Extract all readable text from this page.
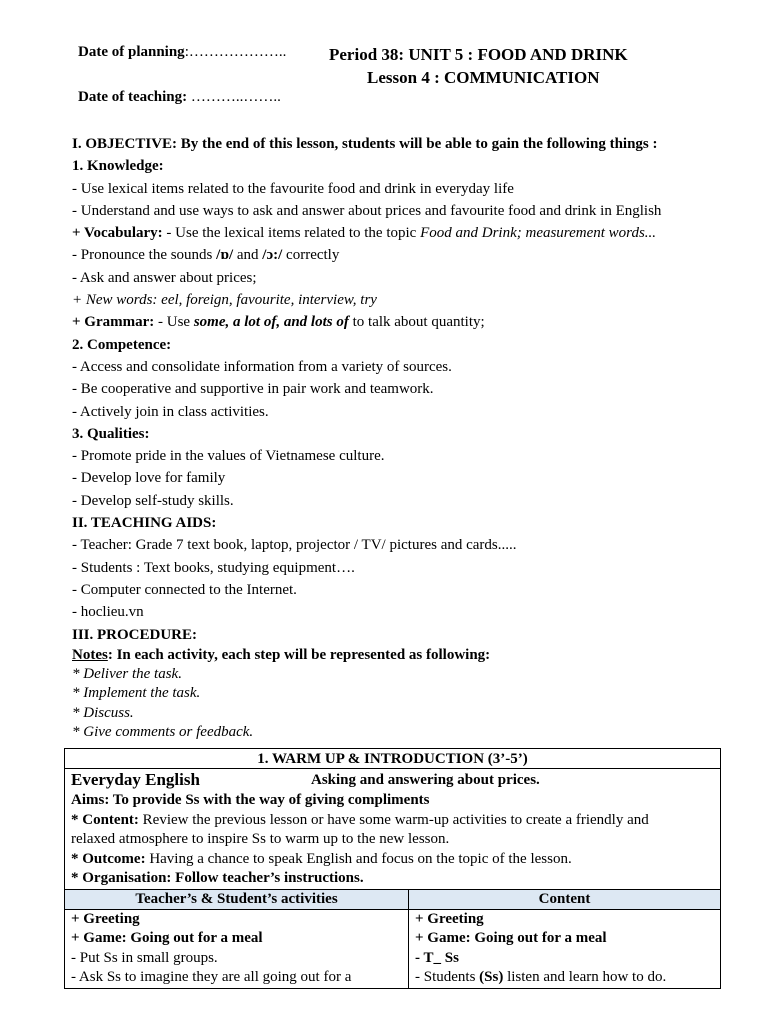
Date of planning:………………..
Date of teaching: ………..……..
Period 38: UNIT 5 : FOOD AND DRINK
Lesson 4 : COMMUNICATION
I. OBJECTIVE: By the end of this lesson, students will be able to gain the following things :
1. Knowledge:
- Use lexical items related to the favourite food and drink in everyday life
- Understand and use ways to ask and answer about prices and favourite food and drink in English
+ Vocabulary: - Use the lexical items related to the topic Food and Drink; measurement words...
- Pronounce the sounds /ɒ/ and /ɔ:/ correctly
- Ask and answer about prices;
+ New words: eel, foreign, favourite, interview, try
+ Grammar: - Use some, a lot of, and lots of to talk about quantity;
2. Competence:
- Access and consolidate information from a variety of sources.
- Be cooperative and supportive in pair work and teamwork.
- Actively join in class activities.
3. Qualities:
- Promote pride in the values of Vietnamese culture.
- Develop love for family
- Develop self-study skills.
II. TEACHING AIDS:
- Teacher: Grade 7 text book, laptop, projector / TV/ pictures and cards.....
- Students : Text books, studying equipment….
- Computer connected to the Internet.
- hoclieu.vn
III. PROCEDURE:
Notes: In each activity, each step will be represented as following:
* Deliver the task.
* Implement the task.
* Discuss.
* Give comments or feedback.
1. WARM UP & INTRODUCTION (3’-5’)
Everyday English	Asking and answering about prices.
Aims: To provide Ss with the way of giving compliments
* Content: Review the previous lesson or have some warm-up activities to create a friendly and
relaxed atmosphere to inspire Ss to warm up to the new lesson.
* Outcome: Having a chance to speak English and focus on the topic of the lesson.
* Organisation: Follow teacher’s instructions.
Teacher’s & Student’s activities
+ Greeting
+ Game: Going out for a meal
- Put Ss in small groups.
- Ask Ss to imagine they are all going out for a
Content
+ Greeting
+ Game: Going out for a meal
- T_ Ss
- Students (Ss) listen and learn how to do.
